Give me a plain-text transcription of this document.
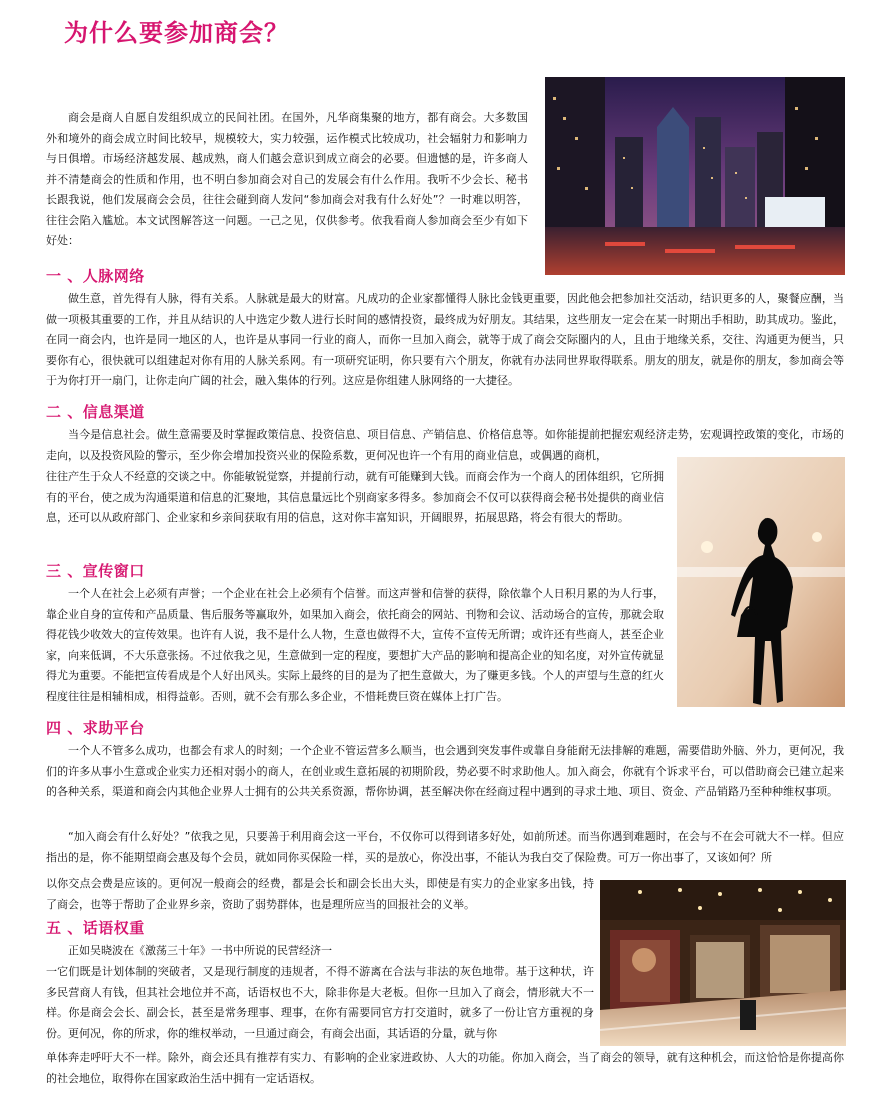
为什么要参加商会？

商会是商人自愿自发组织成立的民间社团。在国外，凡华商集聚的地方，都有商会。大多数国外和境外的商会成立时间比较早，规模较大，实力较强，运作模式比较成功，社会辐射力和影响力与日俱增。市场经济越发展、越成熟，商人们越会意识到成立商会的必要。但遗憾的是，许多商人并不清楚商会的性质和作用，也不明白参加商会对自己的发展会有什么作用。我听不少会长、秘书长跟我说，他们发展商会会员，往往会碰到商人发问“参加商会对我有什么好处”？一时难以明答，往往会陷入尴尬。本文试图解答这一问题。一己之见，仅供参考。依我看商人参加商会至少有如下好处：

一 、人脉网络

做生意，首先得有人脉，得有关系。人脉就是最大的财富。凡成功的企业家都懂得人脉比金钱更重要，因此他会把参加社交活动，结识更多的人，聚餐应酬，当做一项极其重要的工作，并且从结识的人中选定少数人进行长时间的感情投资，最终成为好朋友。其结果，这些朋友一定会在某一时期出手相助，助其成功。鉴此，在同一商会内，也许是同一地区的人，也许是从事同一行业的商人，而你一旦加入商会，就等于成了商会交际圈内的人，且由于地缘关系，交往、沟通更为便当，只要你有心，很快就可以组建起对你有用的人脉关系网。有一项研究证明，你只要有六个朋友，你就有办法同世界取得联系。朋友的朋友，就是你的朋友，参加商会等于为你打开一扇门，让你走向广阔的社会，融入集体的行列。这应是你组建人脉网络的一大捷径。

二 、信息渠道

当今是信息社会。做生意需要及时掌握政策信息、投资信息、项目信息、产销信息、价格信息等。如你能提前把握宏观经济走势，宏观调控政策的变化，市场的走向，以及投资风险的警示，至少你会增加投资兴业的保险系数，更何况也许一个有用的商业信息，或偶遇的商机，

往往产生于众人不经意的交谈之中。你能敏锐觉察，并提前行动，就有可能赚到大钱。而商会作为一个商人的团体组织，它所拥有的平台，使之成为沟通渠道和信息的汇聚地，其信息量远比个别商家多得多。参加商会不仅可以获得商会秘书处提供的商业信息，还可以从政府部门、企业家和乡亲间获取有用的信息，这对你丰富知识，开阔眼界，拓展思路，将会有很大的帮助。

三 、宣传窗口

一个人在社会上必须有声誉；一个企业在社会上必须有个信誉。而这声誉和信誉的获得，除依靠个人日积月累的为人行事，靠企业自身的宣传和产品质量、售后服务等赢取外，如果加入商会，依托商会的网站、刊物和会议、活动场合的宣传，那就会取得花钱少收效大的宣传效果。也许有人说，我不是什么人物，生意也做得不大，宣传不宣传无所谓；或许还有些商人，甚至企业家，向来低调，不大乐意张扬。不过依我之见，生意做到一定的程度，要想扩大产品的影响和提高企业的知名度，对外宣传就显得尤为重要。不能把宣传看成是个人好出风头。实际上最终的目的是为了把生意做大，为了赚更多钱。个人的声望与生意的红火程度往往是相辅相成，相得益彰。否则，就不会有那么多企业，不惜耗费巨资在媒体上打广告。

四 、求助平台

一个人不管多么成功，也都会有求人的时刻；一个企业不管运营多么顺当，也会遇到突发事件或靠自身能耐无法排解的难题，需要借助外脑、外力，更何况，我们的许多从事小生意或企业实力还相对弱小的商人，在创业或生意拓展的初期阶段，势必要不时求助他人。加入商会，你就有个诉求平台，可以借助商会已建立起来的各种关系，渠道和商会内其他企业界人士拥有的公共关系资源，帮你协调，甚至解决你在经商过程中遇到的寻求土地、项目、资金、产品销路乃至种种维权事项。

“加入商会有什么好处？”依我之见，只要善于利用商会这一平台，不仅你可以得到诸多好处，如前所述。而当你遇到难题时，在会与不在会可就大不一样。但应指出的是，你不能期望商会惠及每个会员，就如同你买保险一样，买的是放心，你没出事，不能认为我白交了保险费。可万一你出事了，又该如何？所

以你交点会费是应该的。更何况一般商会的经费，都是会长和副会长出大头，即使是有实力的企业家多出钱，持了商会，也等于帮助了企业界乡亲，资助了弱势群体，也是理所应当的回报社会的义举。

五 、话语权重

正如吴晓波在《激荡三十年》一书中所说的民营经济一

一它们既是计划体制的突破者，又是现行制度的违规者，不得不游离在合法与非法的灰色地带。基于这种状，许多民营商人有钱，但其社会地位并不高，话语权也不大，除非你是大老板。但你一旦加入了商会，情形就大不一样。你是商会会长、副会长，甚至是常务理事、理事，在你有需要同官方打交道时，就多了一份让官方重视的身份。更何况，你的所求，你的维权举动，一旦通过商会，有商会出面，其话语的分量，就与你

单体奔走呼吁大不一样。除外，商会还具有推荐有实力、有影响的企业家进政协、人大的功能。你加入商会，当了商会的领导，就有这种机会，而这恰恰是你提高你的社会地位，取得你在国家政治生活中拥有一定话语权。
